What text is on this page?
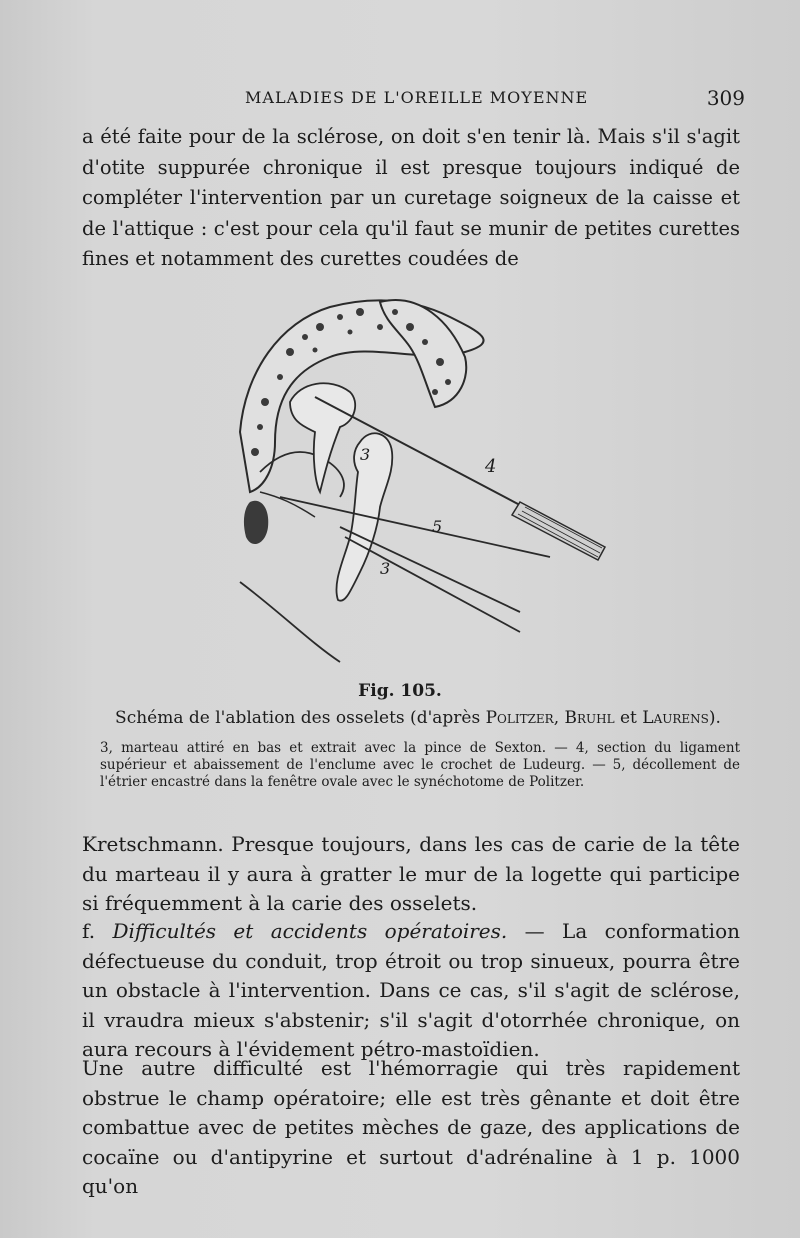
MALADIES DE L'OREILLE MOYENNE	309

a été faite pour de la sclérose, on doit s'en tenir là. Mais s'il s'agit d'otite suppurée chronique il est presque toujours indiqué de compléter l'intervention par un curetage soigneux de la caisse et de l'attique : c'est pour cela qu'il faut se munir de petites curettes fines et notamment des curettes coudées de

3
4
5
3
Fig. 105.
Schéma de l'ablation des osselets (d'après Politzer, Bruhl et Laurens).
3, marteau attiré en bas et extrait avec la pince de Sexton. — 4, section du ligament supérieur et abaissement de l'enclume avec le crochet de Ludeurg. — 5, décollement de l'étrier encastré dans la fenêtre ovale avec le synéchotome de Politzer.

Kretschmann. Presque toujours, dans les cas de carie de la tête du marteau il y aura à gratter le mur de la logette qui participe si fréquemment à la carie des osselets.

f. Difficultés et accidents opératoires. — La conformation défectueuse du conduit, trop étroit ou trop sinueux, pourra être un obstacle à l'intervention. Dans ce cas, s'il s'agit de sclérose, il vraudra mieux s'abstenir; s'il s'agit d'otorrhée chronique, on aura recours à l'évidement pétro-mastoïdien.

Une autre difficulté est l'hémorragie qui très rapidement obstrue le champ opératoire; elle est très gênante et doit être combattue avec de petites mèches de gaze, des applications de cocaïne ou d'antipyrine et surtout d'adrénaline à 1 p. 1000 qu'on
